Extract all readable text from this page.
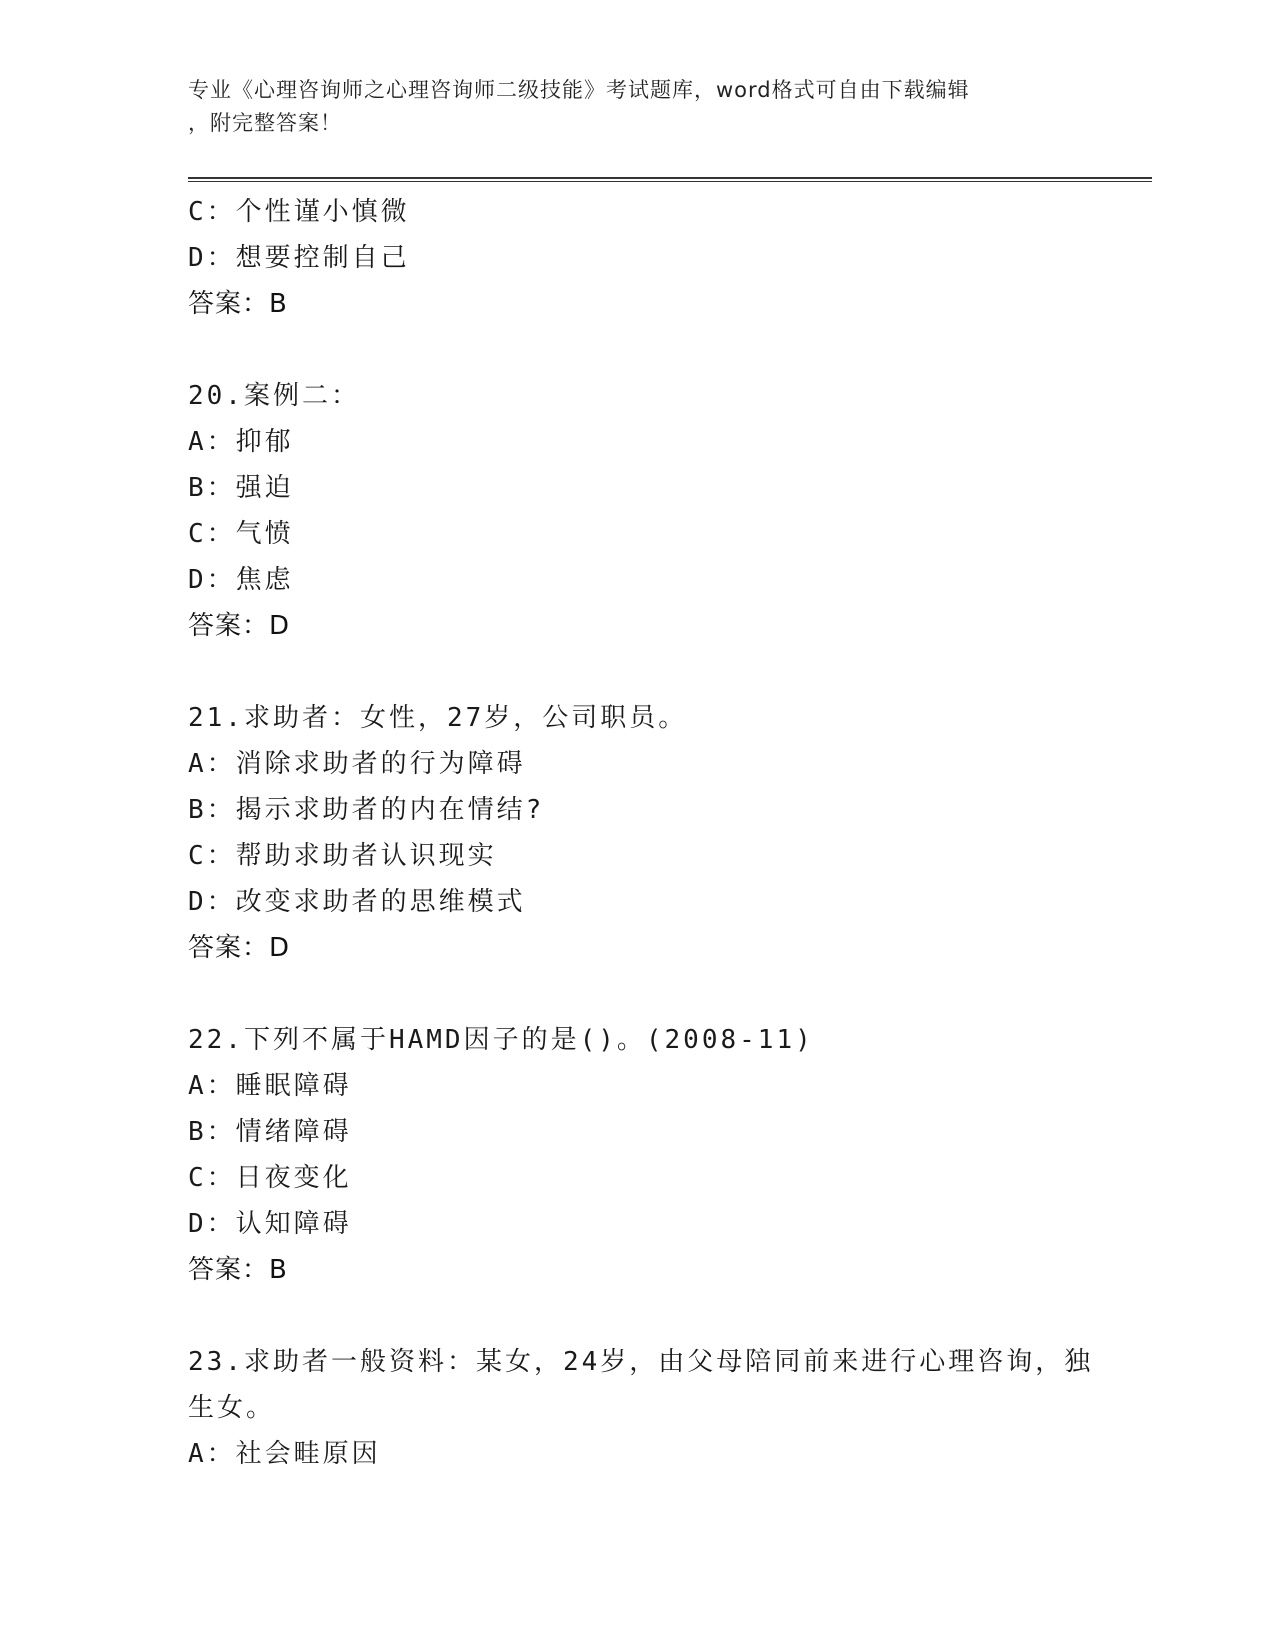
专业《心理咨询师之心理咨询师二级技能》考试题库，word格式可自由下载编辑
，附完整答案！
C：个性谨小慎微
D：想要控制自己
答案：B
20.案例二：
A：抑郁
B：强迫
C：气愤
D：焦虑
答案：D
21.求助者：女性，27岁，公司职员。
A：消除求助者的行为障碍
B：揭示求助者的内在情结?
C：帮助求助者认识现实
D：改变求助者的思维模式
答案：D
22.下列不属于HAMD因子的是()。(2008-11)
A：睡眠障碍
B：情绪障碍
C：日夜变化
D：认知障碍
答案：B
23.求助者一般资料：某女，24岁，由父母陪同前来进行心理咨询，独
生女。
A：社会畦原因
